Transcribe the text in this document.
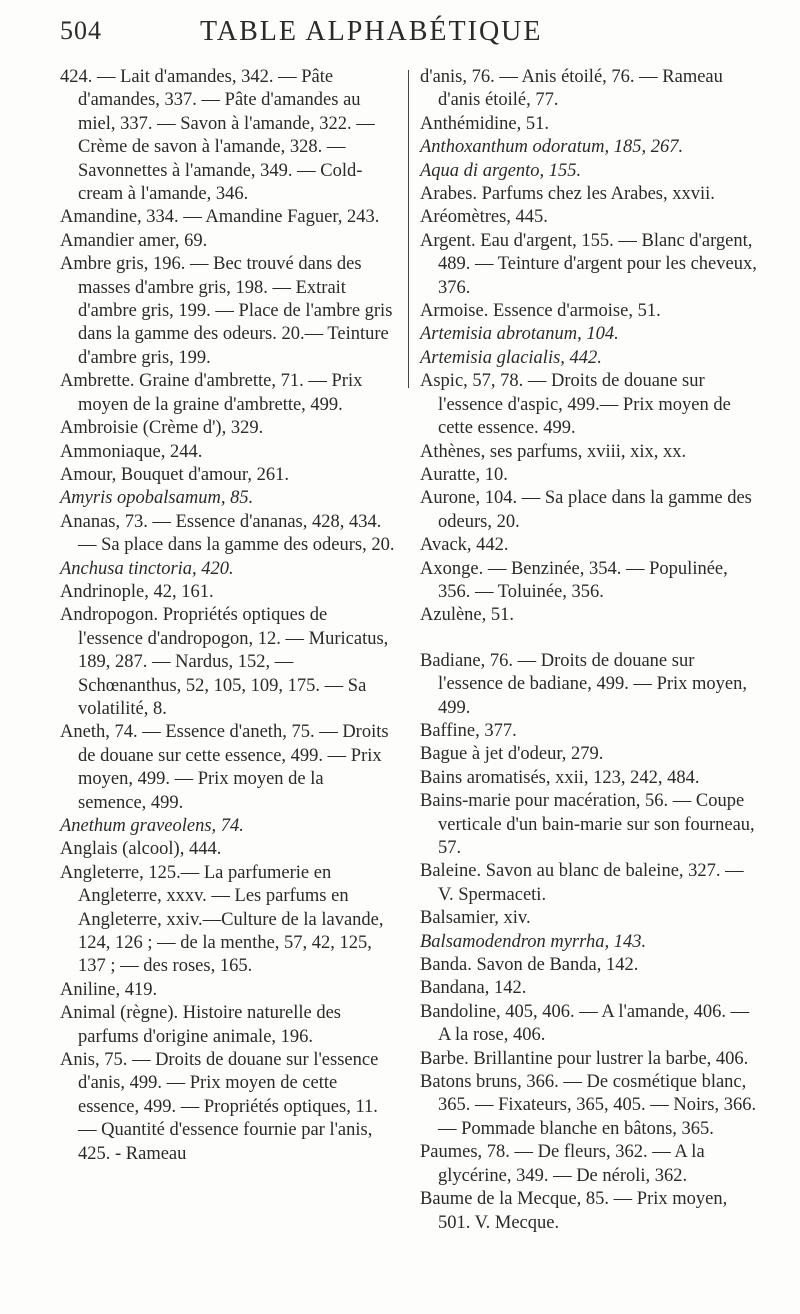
504	TABLE ALPHABÉTIQUE

424. — Lait d'amandes, 342. — Pâte d'amandes, 337. — Pâte d'amandes au miel, 337. — Savon à l'amande, 322. — Crème de savon à l'amande, 328. — Savonnettes à l'amande, 349. — Cold-cream à l'amande, 346.

Amandine, 334. — Amandine Faguer, 243.

Amandier amer, 69.

Ambre gris, 196. — Bec trouvé dans des masses d'ambre gris, 198. — Extrait d'ambre gris, 199. — Place de l'ambre gris dans la gamme des odeurs. 20.— Teinture d'ambre gris, 199.

Ambrette. Graine d'ambrette, 71. — Prix moyen de la graine d'ambrette, 499.

Ambroisie (Crème d'), 329.

Ammoniaque, 244.

Amour, Bouquet d'amour, 261.

Amyris opobalsamum, 85.

Ananas, 73. — Essence d'ananas, 428, 434. — Sa place dans la gamme des odeurs, 20.

Anchusa tinctoria, 420.

Andrinople, 42, 161.

Andropogon. Propriétés optiques de l'essence d'andropogon, 12. — Muricatus, 189, 287. — Nardus, 152, — Schœnanthus, 52, 105, 109, 175. — Sa volatilité, 8.

Aneth, 74. — Essence d'aneth, 75. — Droits de douane sur cette essence, 499. — Prix moyen, 499. — Prix moyen de la semence, 499.

Anethum graveolens, 74.

Anglais (alcool), 444.

Angleterre, 125.— La parfumerie en Angleterre, xxxv. — Les parfums en Angleterre, xxiv.—Culture de la lavande, 124, 126 ; — de la menthe, 57, 42, 125, 137 ; — des roses, 165.

Aniline, 419.

Animal (règne). Histoire naturelle des parfums d'origine animale, 196.

Anis, 75. — Droits de douane sur l'essence d'anis, 499. — Prix moyen de cette essence, 499. — Propriétés optiques, 11. — Quantité d'essence fournie par l'anis, 425. - Rameau

d'anis, 76. — Anis étoilé, 76. — Rameau d'anis étoilé, 77.

Anthémidine, 51.

Anthoxanthum odoratum, 185, 267.

Aqua di argento, 155.

Arabes. Parfums chez les Arabes, xxvii.

Aréomètres, 445.

Argent. Eau d'argent, 155. — Blanc d'argent, 489. — Teinture d'argent pour les cheveux, 376.

Armoise. Essence d'armoise, 51.

Artemisia abrotanum, 104.

Artemisia glacialis, 442.

Aspic, 57, 78. — Droits de douane sur l'essence d'aspic, 499.— Prix moyen de cette essence. 499.

Athènes, ses parfums, xviii, xix, xx.

Auratte, 10.

Aurone, 104. — Sa place dans la gamme des odeurs, 20.

Avack, 442.

Axonge. — Benzinée, 354. — Populinée, 356. — Toluinée, 356.

Azulène, 51.

Badiane, 76. — Droits de douane sur l'essence de badiane, 499. — Prix moyen, 499.

Baffine, 377.

Bague à jet d'odeur, 279.

Bains aromatisés, xxii, 123, 242, 484.

Bains-marie pour macération, 56. — Coupe verticale d'un bain-marie sur son fourneau, 57.

Baleine. Savon au blanc de baleine, 327. — V. Spermaceti.

Balsamier, xiv.

Balsamodendron myrrha, 143.

Banda. Savon de Banda, 142.

Bandana, 142.

Bandoline, 405, 406. — A l'amande, 406. — A la rose, 406.

Barbe. Brillantine pour lustrer la barbe, 406.

Batons bruns, 366. — De cosmétique blanc, 365. — Fixateurs, 365, 405. — Noirs, 366. — Pommade blanche en bâtons, 365.

Paumes, 78. — De fleurs, 362. — A la glycérine, 349. — De néroli, 362.

Baume de la Mecque, 85. — Prix moyen, 501. V. Mecque.
